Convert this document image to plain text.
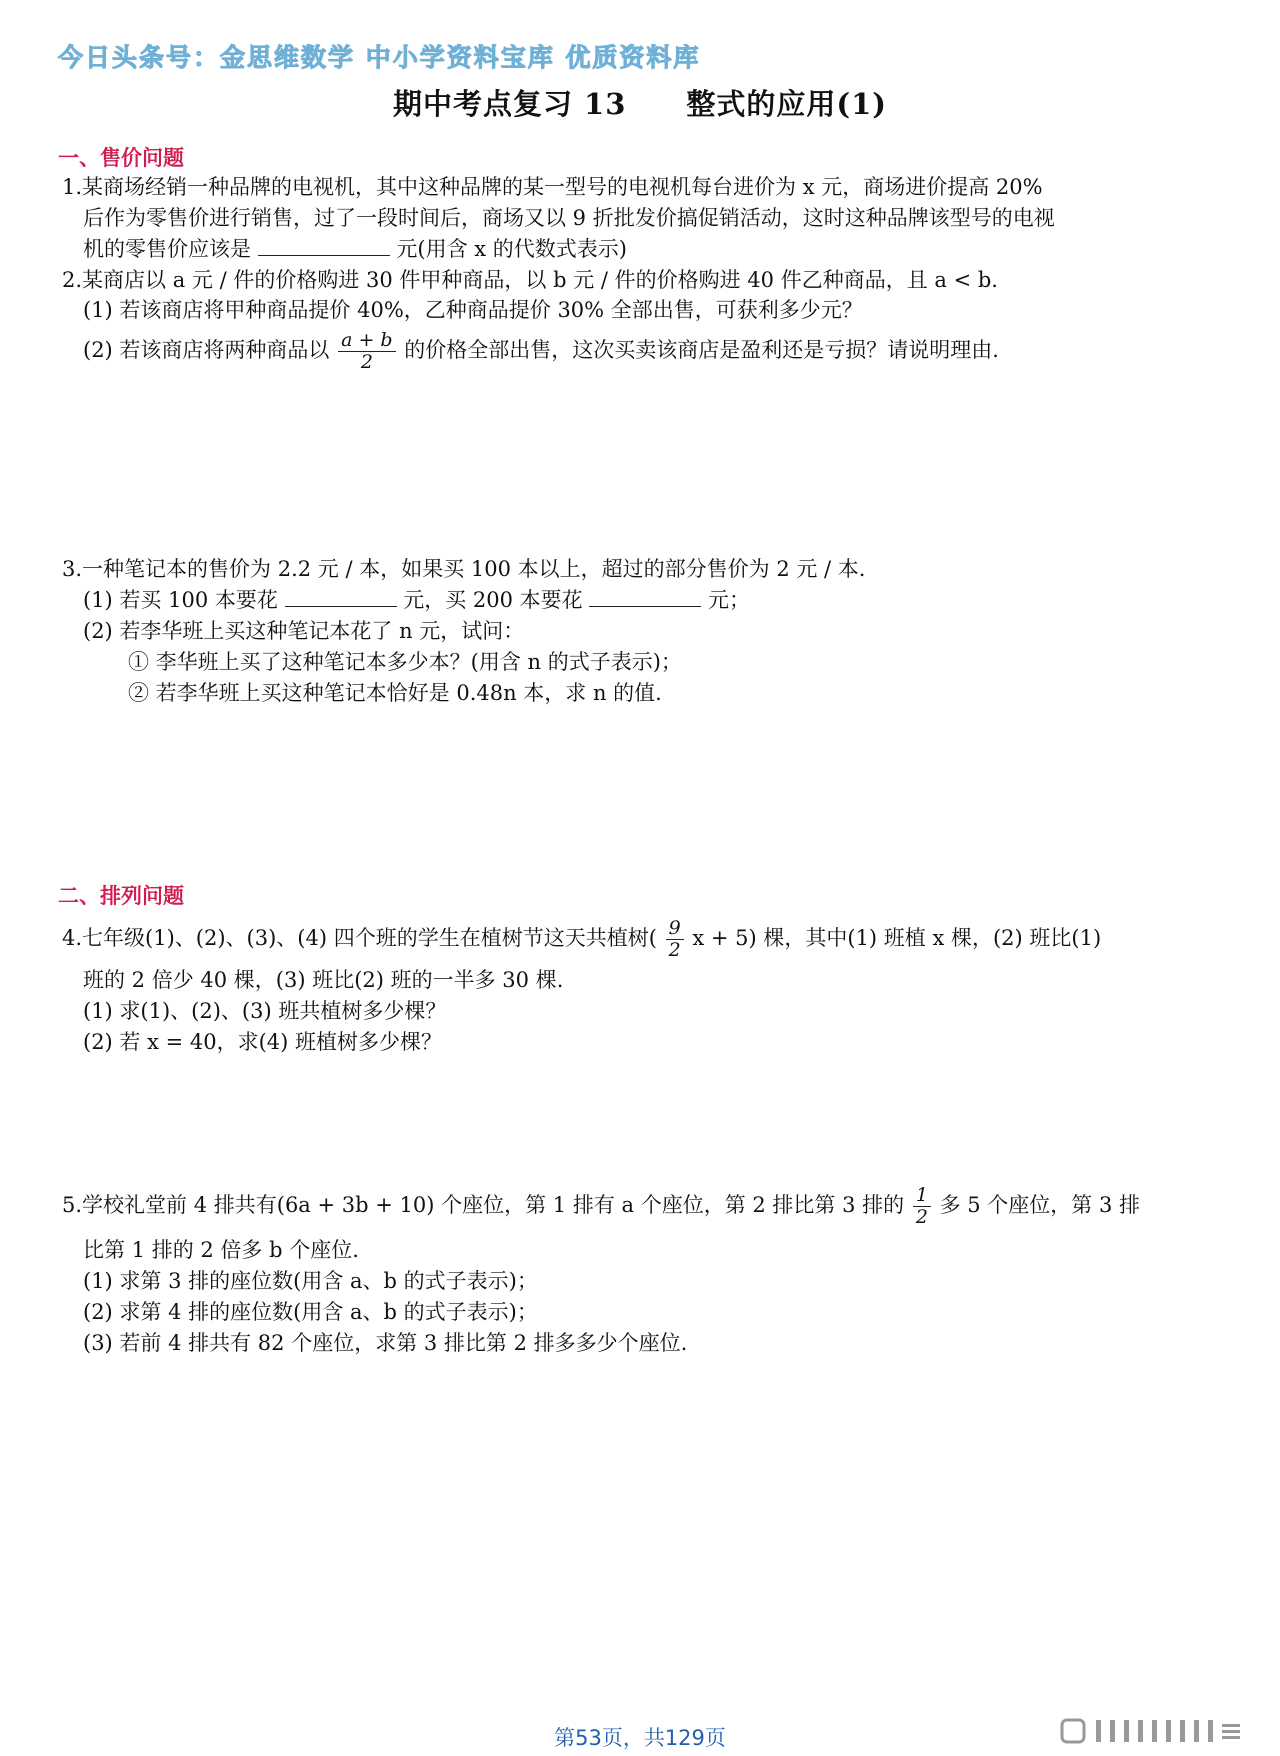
今日头条号：金思维数学 中小学资料宝库 优质资料库
期中考点复习 13　　整式的应用(1)
一、售价问题
1.某商场经销一种品牌的电视机，其中这种品牌的某一型号的电视机每台进价为 x 元，商场进价提高 20%
后作为零售价进行销售，过了一段时间后，商场又以 9 折批发价搞促销活动，这时这种品牌该型号的电视
机的零售价应该是	元(用含 x 的代数式表示)
2.某商店以 a 元 / 件的价格购进 30 件甲种商品，以 b 元 / 件的价格购进 40 件乙种商品，且 a < b.
(1) 若该商店将甲种商品提价 40%，乙种商品提价 30% 全部出售，可获利多少元？
(2) 若该商店将两种商品以 $\frac{a + b}{2}$ 的价格全部出售，这次买卖该商店是盈利还是亏损？请说明理由.
3.一种笔记本的售价为 2.2 元 / 本，如果买 100 本以上，超过的部分售价为 2 元 / 本.
(1) 若买 100 本要花	元，买 200 本要花	元；
(2) 若李华班上买这种笔记本花了 n 元，试问：
① 李华班上买了这种笔记本多少本？(用含 n 的式子表示)；
② 若李华班上买这种笔记本恰好是 0.48n 本，求 n 的值.
二、排列问题
4.七年级(1)、(2)、(3)、(4) 四个班的学生在植树节这天共植树( $\frac{9}{2}$ x + 5) 棵，其中(1) 班植 x 棵，(2) 班比(1)
班的 2 倍少 40 棵，(3) 班比(2) 班的一半多 30 棵.
(1) 求(1)、(2)、(3) 班共植树多少棵？
(2) 若 x = 40，求(4) 班植树多少棵？
5.学校礼堂前 4 排共有(6a + 3b + 10) 个座位，第 1 排有 a 个座位，第 2 排比第 3 排的 $\frac{1}{2}$ 多 5 个座位，第 3 排
比第 1 排的 2 倍多 b 个座位.
(1) 求第 3 排的座位数(用含 a、b 的式子表示)；
(2) 求第 4 排的座位数(用含 a、b 的式子表示)；
(3) 若前 4 排共有 82 个座位，求第 3 排比第 2 排多多少个座位.
第53页，共129页
